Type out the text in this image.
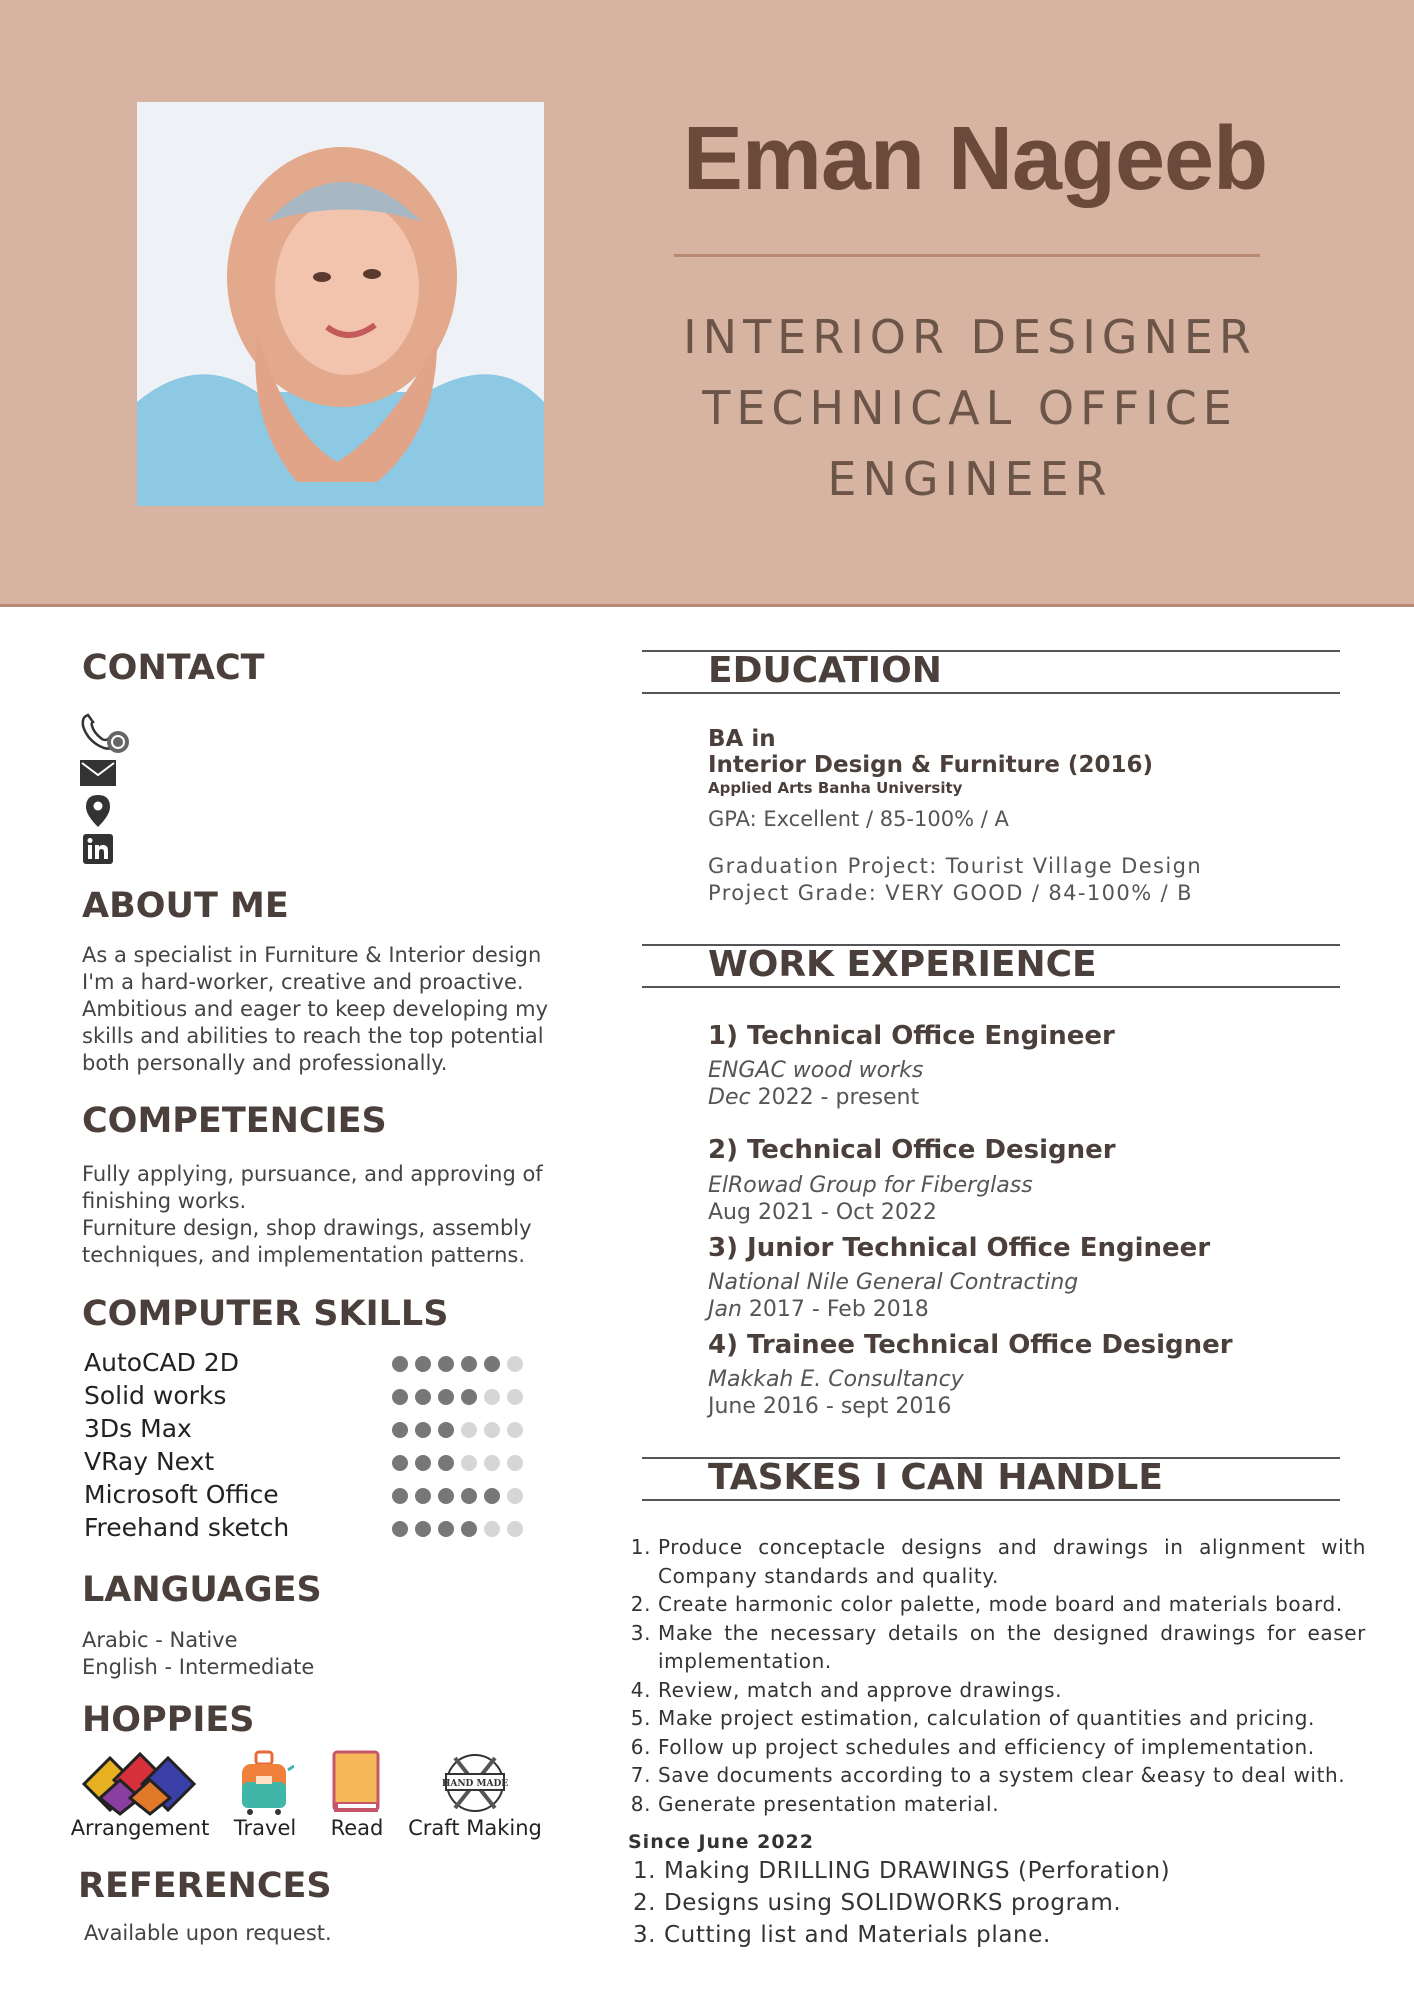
Eman Nageeb
INTERIOR DESIGNER
TECHNICAL OFFICE
ENGINEER
CONTACT
ABOUT ME
As a specialist in Furniture & Interior design
I'm a hard-worker, creative and proactive.
Ambitious and eager to keep developing my
skills and abilities to reach the top potential
both personally and professionally.
COMPETENCIES
Fully applying, pursuance, and approving of
finishing works.
Furniture design, shop drawings, assembly
techniques, and implementation patterns.
COMPUTER SKILLS
AutoCAD 2D
Solid works
3Ds Max
VRay Next
Microsoft Office
Freehand sketch
LANGUAGES
Arabic - Native
English - Intermediate
HOPPIES
HAND MADE
Arrangement	Travel	Read	Craft Making
REFERENCES
Available upon request.
EDUCATION
BA in
Interior Design & Furniture (2016)
Applied Arts Banha University
GPA: Excellent / 85-100% / A
Graduation Project: Tourist Village Design
Project Grade: VERY GOOD / 84-100% / B
WORK EXPERIENCE
1) Technical Office Engineer
ENGAC wood works
Dec 2022 - present
2) Technical Office Designer
ElRowad Group for Fiberglass
Aug 2021 - Oct 2022
3) Junior Technical Office Engineer
National Nile General Contracting
Jan 2017 - Feb 2018
4) Trainee Technical Office Designer
Makkah E. Consultancy
June 2016 - sept 2016
TASKES I CAN HANDLE
1. Produce conceptacle designs and drawings in alignment with Company standards and quality.
2. Create harmonic color palette, mode board and materials board.
3. Make the necessary details on the designed drawings for easer implementation.
4. Review, match and approve drawings.
5. Make project estimation, calculation of quantities and pricing.
6. Follow up project schedules and efficiency of implementation.
7. Save documents according to a system clear &easy to deal with.
8. Generate presentation material.
Since June 2022
1. Making DRILLING DRAWINGS (Perforation)
2. Designs using SOLIDWORKS program.
3. Cutting list and Materials plane.
